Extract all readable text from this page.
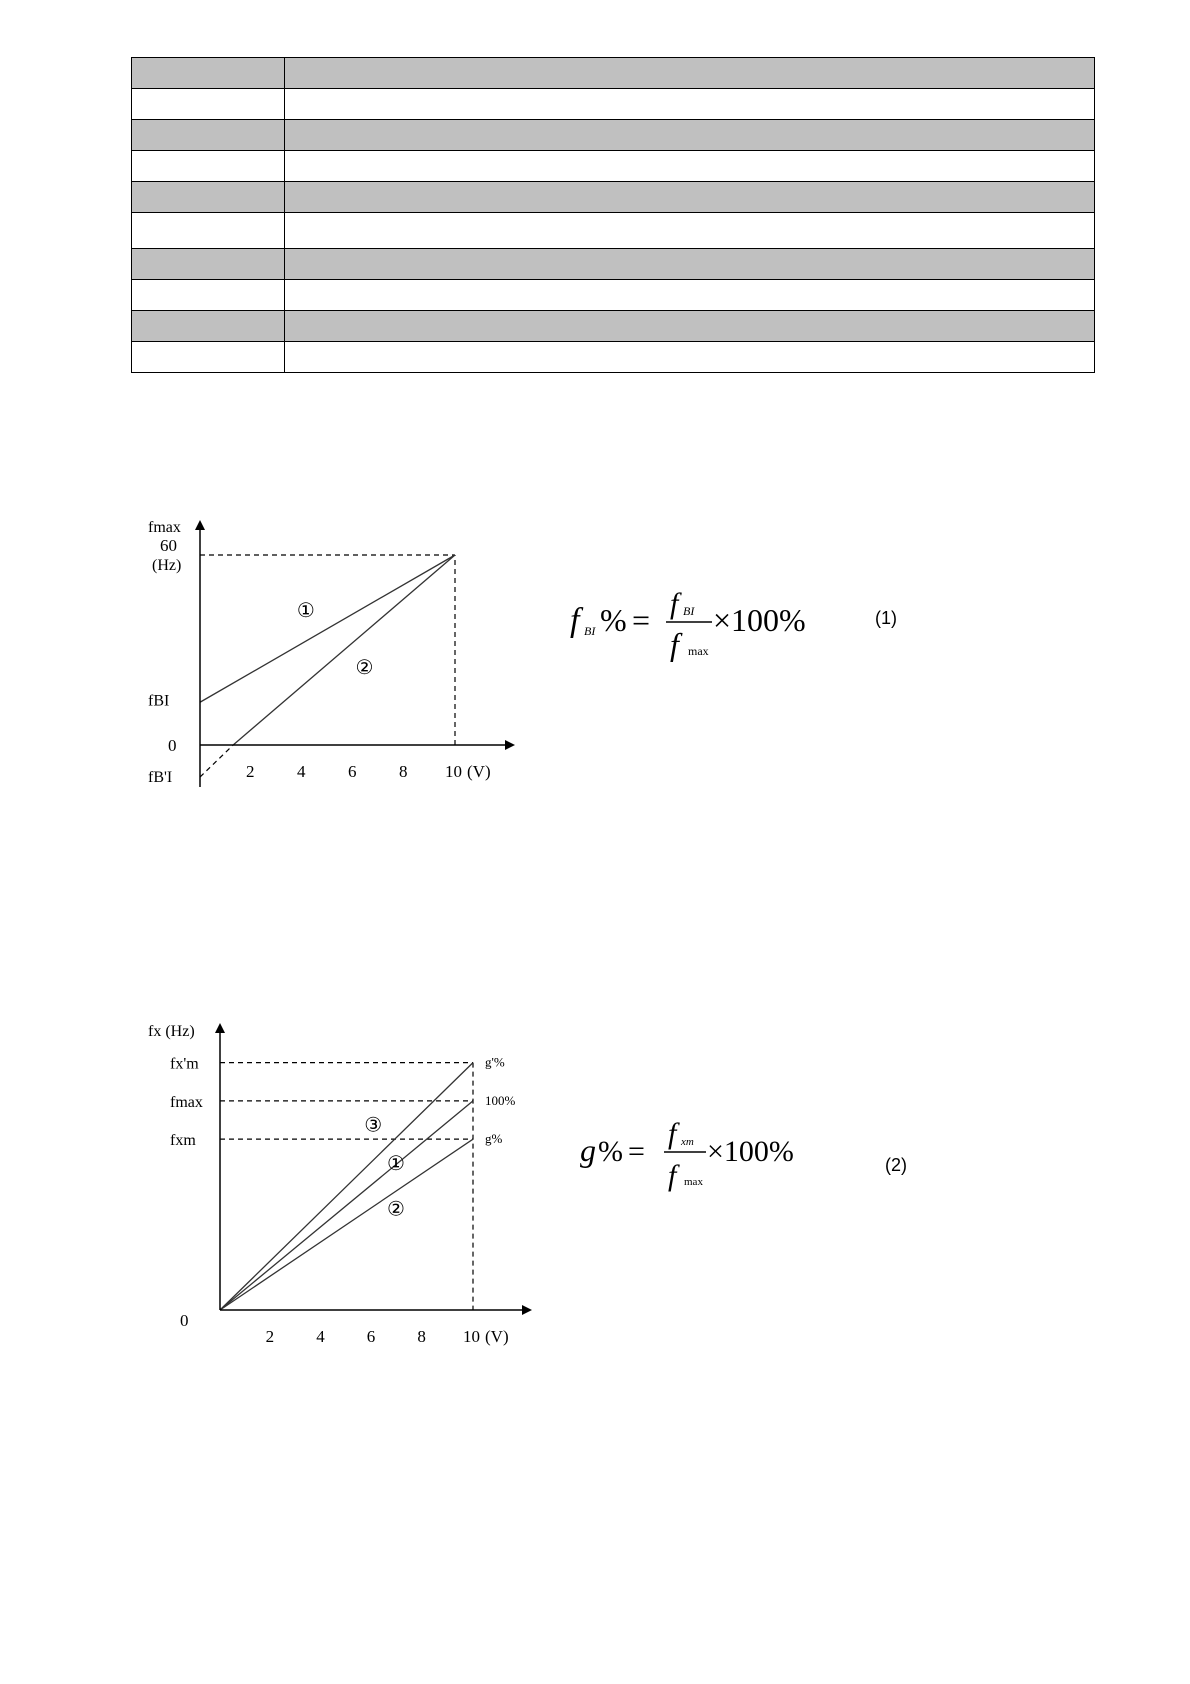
2	4	6	8 10 (V)
0
fmax
60
(Hz)
fBI
fB'I
①
②
f BI % = f BI
f max
×100%	(1)
fx'm	g'%
fmax	100%
fxm	g%
2 4 6 8 10 (V)
0
fx (Hz)
③
①
②
g % =
f xm
f max
×100%	(2)
